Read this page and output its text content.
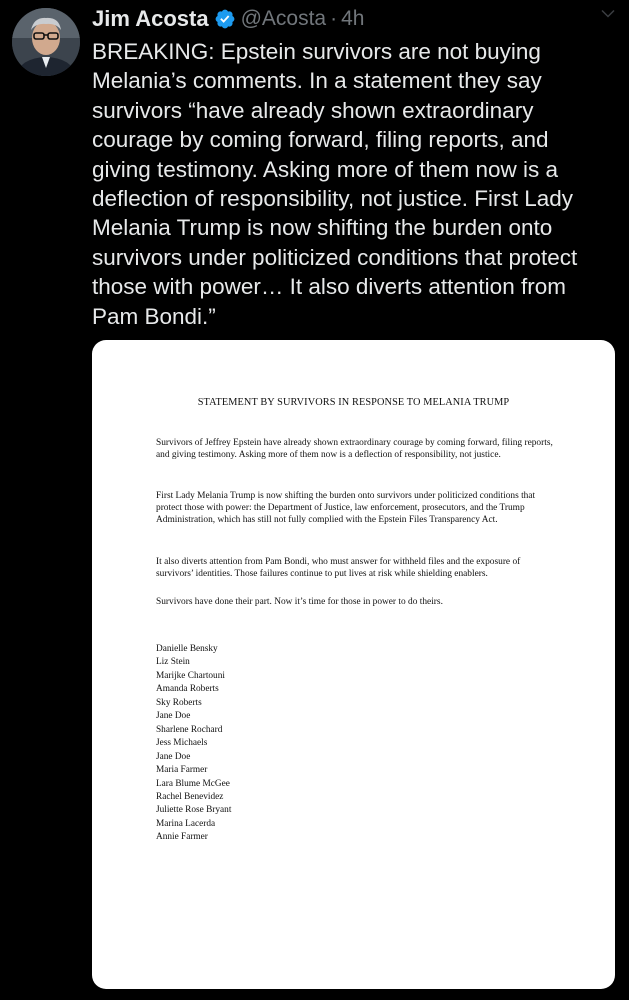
Jim Acosta @Acosta · 4h
BREAKING: Epstein survivors are not buying
Melania’s comments. In a statement they say
survivors “have already shown extraordinary
courage by coming forward, filing reports, and
giving testimony. Asking more of them now is a
deflection of responsibility, not justice. First Lady
Melania Trump is now shifting the burden onto
survivors under politicized conditions that protect
those with power… It also diverts attention from
Pam Bondi.”
STATEMENT BY SURVIVORS IN RESPONSE TO MELANIA TRUMP

Survivors of Jeffrey Epstein have already shown extraordinary courage by coming forward, filing reports, and giving testimony. Asking more of them now is a deflection of responsibility, not justice.

First Lady Melania Trump is now shifting the burden onto survivors under politicized conditions that protect those with power: the Department of Justice, law enforcement, prosecutors, and the Trump Administration, which has still not fully complied with the Epstein Files Transparency Act.

It also diverts attention from Pam Bondi, who must answer for withheld files and the exposure of survivors’ identities. Those failures continue to put lives at risk while shielding enablers.

Survivors have done their part. Now it’s time for those in power to do theirs.

Danielle Bensky
Liz Stein
Marijke Chartouni
Amanda Roberts
Sky Roberts
Jane Doe
Sharlene Rochard
Jess Michaels
Jane Doe
Maria Farmer
Lara Blume McGee
Rachel Benevidez
Juliette Rose Bryant
Marina Lacerda
Annie Farmer
